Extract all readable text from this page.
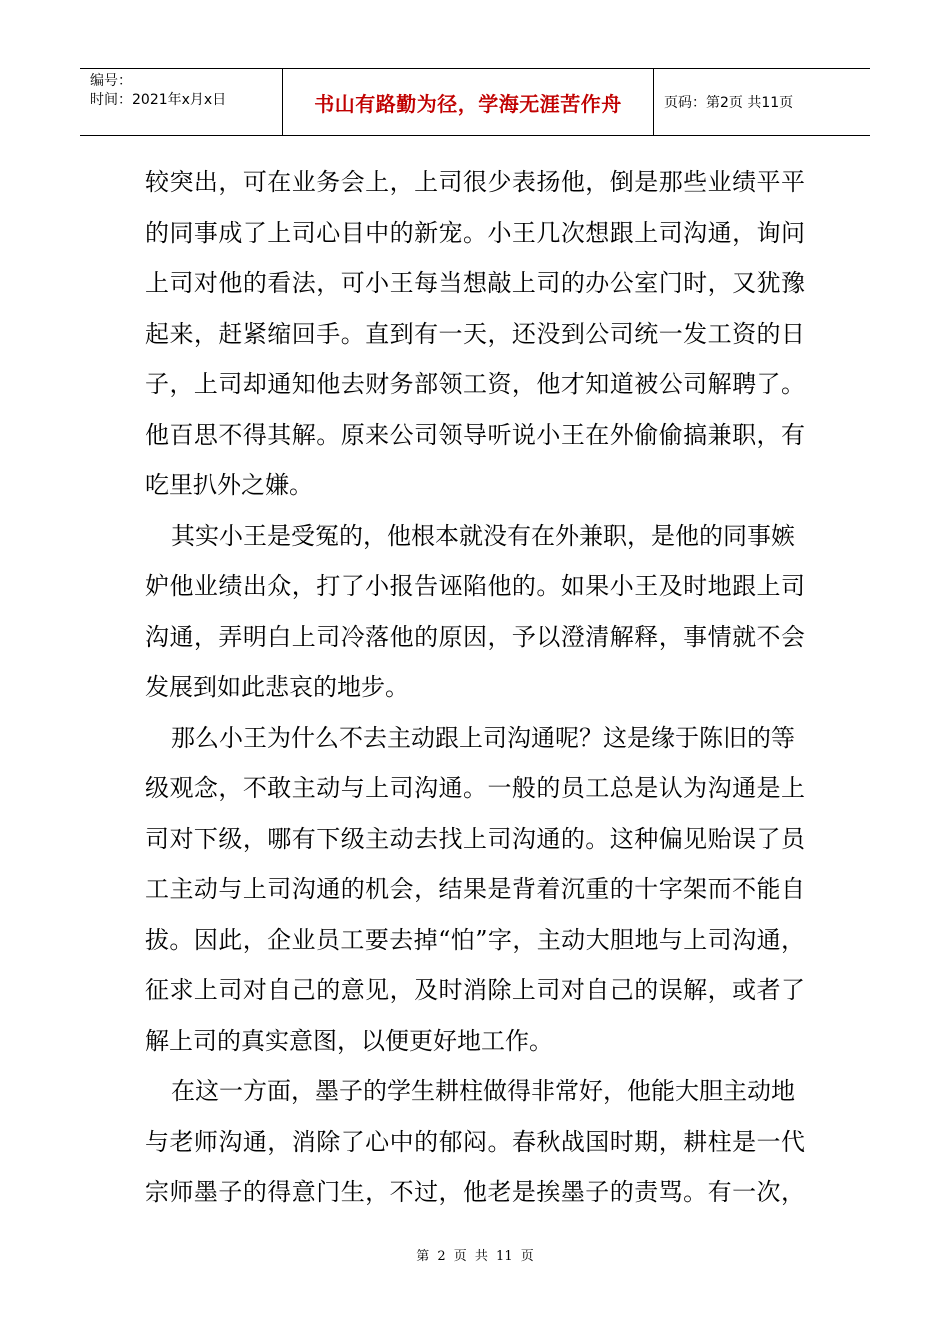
编号：
时间：2021年x月x日	书山有路勤为径，学海无涯苦作舟	页码：第2页 共11页
较突出，可在业务会上，上司很少表扬他，倒是那些业绩平平
的同事成了上司心目中的新宠。小王几次想跟上司沟通，询问
上司对他的看法，可小王每当想敲上司的办公室门时，又犹豫
起来，赶紧缩回手。直到有一天，还没到公司统一发工资的日
子，上司却通知他去财务部领工资，他才知道被公司解聘了。
他百思不得其解。原来公司领导听说小王在外偷偷搞兼职，有
吃里扒外之嫌。
其实小王是受冤的，他根本就没有在外兼职，是他的同事嫉
妒他业绩出众，打了小报告诬陷他的。如果小王及时地跟上司
沟通，弄明白上司冷落他的原因，予以澄清解释，事情就不会
发展到如此悲哀的地步。
那么小王为什么不去主动跟上司沟通呢？这是缘于陈旧的等
级观念，不敢主动与上司沟通。一般的员工总是认为沟通是上
司对下级，哪有下级主动去找上司沟通的。这种偏见贻误了员
工主动与上司沟通的机会，结果是背着沉重的十字架而不能自
拔。因此，企业员工要去掉“怕”字，主动大胆地与上司沟通，
征求上司对自己的意见，及时消除上司对自己的误解，或者了
解上司的真实意图，以便更好地工作。
在这一方面，墨子的学生耕柱做得非常好，他能大胆主动地
与老师沟通，消除了心中的郁闷。春秋战国时期，耕柱是一代
宗师墨子的得意门生，不过，他老是挨墨子的责骂。有一次，
第 2 页 共 11 页
